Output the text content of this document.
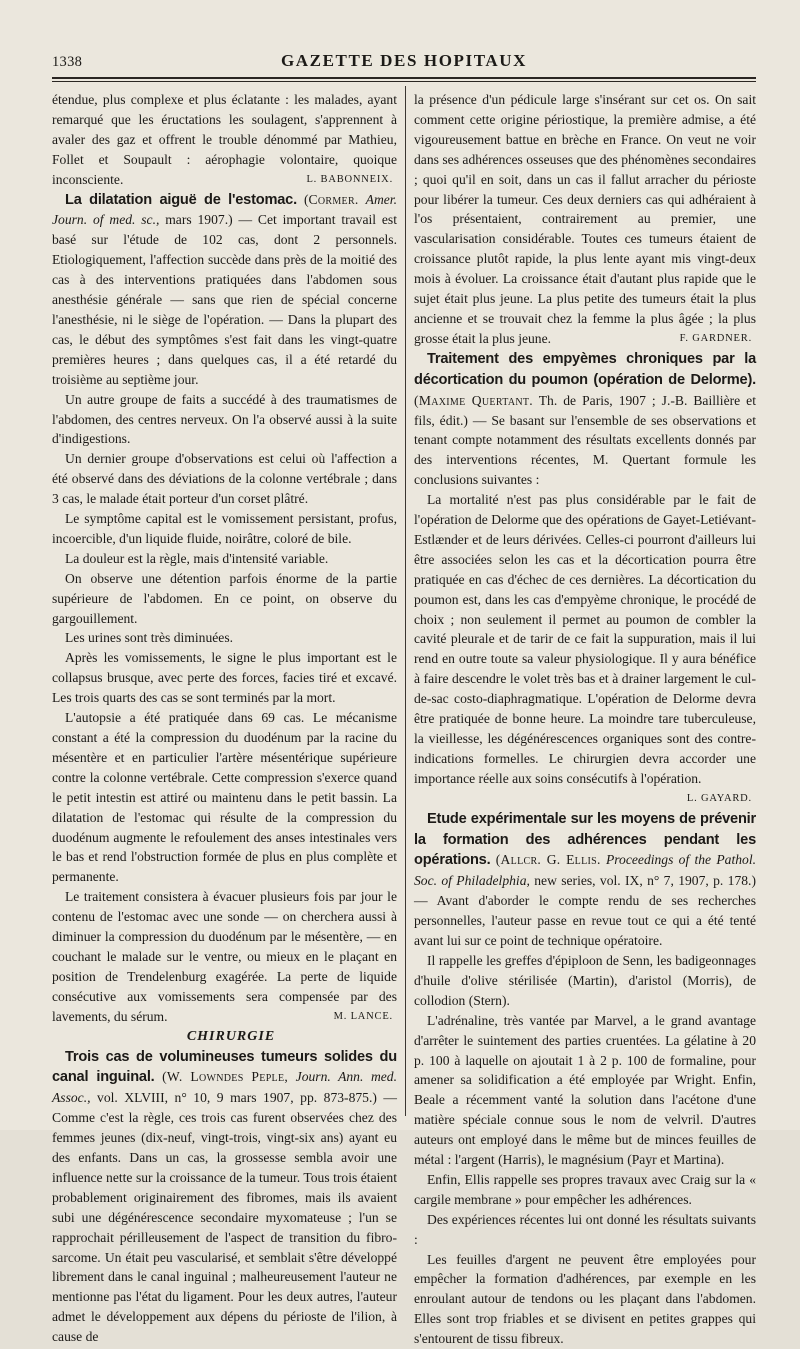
1338	GAZETTE DES HOPITAUX

étendue, plus complexe et plus éclatante : les malades, ayant remarqué que les éructations les soulagent, s'apprennent à avaler des gaz et offrent le trouble dénommé par Mathieu, Follet et Soupault : aérophagie volontaire, quoique inconsciente.	L. BABONNEIX.

La dilatation aiguë de l'estomac. (Cormer. Amer. Journ. of med. sc., mars 1907.) — Cet important travail est basé sur l'étude de 102 cas, dont 2 personnels. Etiologiquement, l'affection succède dans près de la moitié des cas à des interventions pratiquées dans l'abdomen sous anesthésie générale — sans que rien de spécial concerne l'anesthésie, ni le siège de l'opération. — Dans la plupart des cas, le début des symptômes s'est fait dans les vingt-quatre premières heures ; dans quelques cas, il a été retardé du troisième au septième jour.

Un autre groupe de faits a succédé à des traumatismes de l'abdomen, des centres nerveux. On l'a observé aussi à la suite d'indigestions.

Un dernier groupe d'observations est celui où l'affection a été observé dans des déviations de la colonne vertébrale ; dans 3 cas, le malade était porteur d'un corset plâtré.

Le symptôme capital est le vomissement persistant, profus, incoercible, d'un liquide fluide, noirâtre, coloré de bile.

La douleur est la règle, mais d'intensité variable.

On observe une détention parfois énorme de la partie supérieure de l'abdomen. En ce point, on observe du gargouillement.

Les urines sont très diminuées.

Après les vomissements, le signe le plus important est le collapsus brusque, avec perte des forces, facies tiré et excavé. Les trois quarts des cas se sont terminés par la mort.

L'autopsie a été pratiquée dans 69 cas. Le mécanisme constant a été la compression du duodénum par la racine du mésentère et en particulier l'artère mésentérique supérieure contre la colonne vertébrale. Cette compression s'exerce quand le petit intestin est attiré ou maintenu dans le petit bassin. La dilatation de l'estomac qui résulte de la compression du duodénum augmente le refoulement des anses intestinales vers le bas et rend l'obstruction formée de plus en plus complète et permanente.

Le traitement consistera à évacuer plusieurs fois par jour le contenu de l'estomac avec une sonde — on cherchera aussi à diminuer la compression du duodénum par le mésentère, — en couchant le malade sur le ventre, ou mieux en le plaçant en position de Trendelenburg exagérée. La perte de liquide consécutive aux vomissements sera compensée par des lavements, du sérum.	M. LANCE.

CHIRURGIE

Trois cas de volumineuses tumeurs solides du canal inguinal. (W. Lowndes Peple, Journ. Ann. med. Assoc., vol. XLVIII, n° 10, 9 mars 1907, pp. 873-875.) — Comme c'est la règle, ces trois cas furent observées chez des femmes jeunes (dix-neuf, vingt-trois, vingt-six ans) ayant eu des enfants. Dans un cas, la grossesse sembla avoir une influence nette sur la croissance de la tumeur. Tous trois étaient probablement originairement des fibromes, mais ils avaient subi une dégénérescence secondaire myxomateuse ; l'un se rapprochait périlleusement de l'aspect de transition du fibro-sarcome. Un était peu vascularisé, et semblait s'être développé librement dans le canal inguinal ; malheureusement l'auteur ne mentionne pas l'état du ligament. Pour les deux autres, l'auteur admet le développement aux dépens du périoste de l'ilion, à cause de

la présence d'un pédicule large s'insérant sur cet os. On sait comment cette origine périostique, la première admise, a été vigoureusement battue en brèche en France. On veut ne voir dans ses adhérences osseuses que des phénomènes secondaires ; quoi qu'il en soit, dans un cas il fallut arracher du périoste pour libérer la tumeur. Ces deux derniers cas qui adhéraient à l'os présentaient, contrairement au premier, une vascularisation considérable. Toutes ces tumeurs étaient de croissance plutôt rapide, la plus lente ayant mis vingt-deux mois à évoluer. La croissance était d'autant plus rapide que le sujet était plus jeune. La plus petite des tumeurs était la plus ancienne et se trouvait chez la femme la plus âgée ; la plus grosse était la plus jeune.	F. GARDNER.

Traitement des empyèmes chroniques par la décortication du poumon (opération de Delorme). (Maxime Quertant. Th. de Paris, 1907 ; J.-B. Baillière et fils, édit.) — Se basant sur l'ensemble de ses observations et tenant compte notamment des résultats excellents donnés par des interventions récentes, M. Quertant formule les conclusions suivantes :

La mortalité n'est pas plus considérable par le fait de l'opération de Delorme que des opérations de Gayet-Letiévant-Estlænder et de leurs dérivées. Celles-ci pourront d'ailleurs lui être associées selon les cas et la décortication pourra être pratiquée en cas d'échec de ces dernières. La décortication du poumon est, dans les cas d'empyème chronique, le procédé de choix ; non seulement il permet au poumon de combler la cavité pleurale et de tarir de ce fait la suppuration, mais il lui rend en outre toute sa valeur physiologique. Il y aura bénéfice à faire descendre le volet très bas et à drainer largement le cul-de-sac costo-diaphragmatique. L'opération de Delorme devra être pratiquée de bonne heure. La moindre tare tuberculeuse, la vieillesse, les dégénérescences organiques sont des contre-indications formelles. Le chirurgien devra accorder une importance réelle aux soins consécutifs à l'opération.
L. GAYARD.

Etude expérimentale sur les moyens de prévenir la formation des adhérences pendant les opérations. (Allcr. G. Ellis. Proceedings of the Pathol. Soc. of Philadelphia, new series, vol. IX, n° 7, 1907, p. 178.) — Avant d'aborder le compte rendu de ses recherches personnelles, l'auteur passe en revue tout ce qui a été tenté avant lui sur ce point de technique opératoire.

Il rappelle les greffes d'épiploon de Senn, les badigeonnages d'huile d'olive stérilisée (Martin), d'aristol (Morris), de collodion (Stern).

L'adrénaline, très vantée par Marvel, a le grand avantage d'arrêter le suintement des parties cruentées. La gélatine à 20 p. 100 à laquelle on ajoutait 1 à 2 p. 100 de formaline, pour amener sa solidification a été employée par Wright. Enfin, Beale a récemment vanté la solution dans l'acétone d'une matière spéciale connue sous le nom de velvril. D'autres auteurs ont employé dans le même but de minces feuilles de métal : l'argent (Harris), le magnésium (Payr et Martina).

Enfin, Ellis rappelle ses propres travaux avec Craig sur la « cargile membrane » pour empêcher les adhérences.

Des expériences récentes lui ont donné les résultats suivants :

Les feuilles d'argent ne peuvent être employées pour empêcher la formation d'adhérences, par exemple en les enroulant autour de tendons ou les plaçant dans l'abdomen. Elles sont trop friables et se divisent en petites grappes qui s'entourent de tissu fibreux.
